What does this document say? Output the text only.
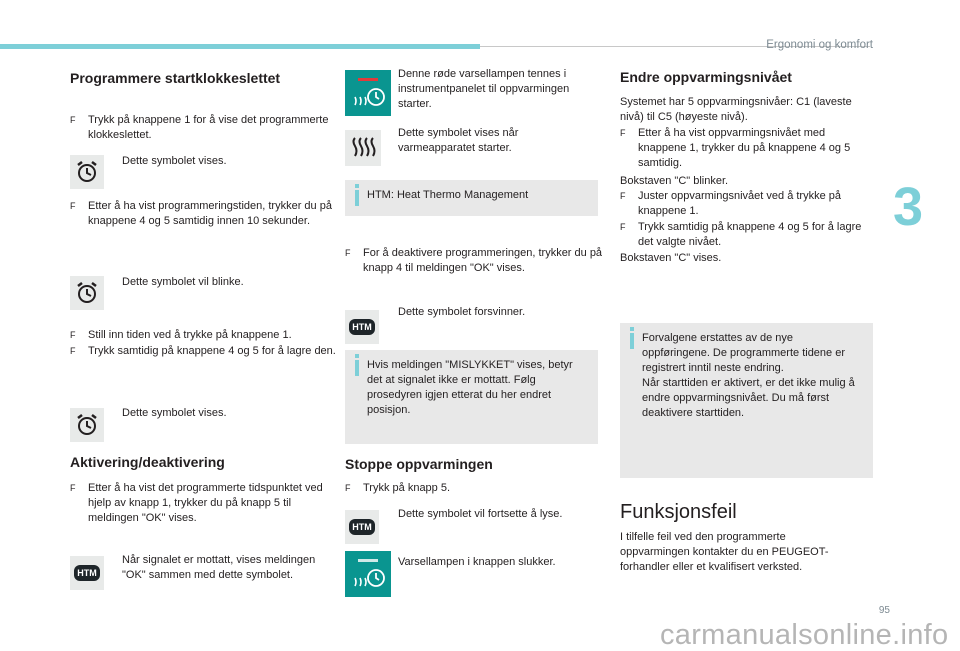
Ergonomi og komfort
3
95
Programmere startklokkeslettet
F Trykk på knappene 1 for å vise det programmerte klokkeslettet.
Dette symbolet vises.
F Etter å ha vist programmeringstiden, trykker du på knappene 4 og 5 samtidig innen 10 sekunder.
Dette symbolet vil blinke.
F Still inn tiden ved å trykke på knappene 1.
F Trykk samtidig på knappene 4 og 5 for å lagre den.
Dette symbolet vises.
Aktivering/deaktivering
F Etter å ha vist det programmerte tidspunktet ved hjelp av knapp 1, trykker du på knapp 5 til meldingen "OK" vises.
HTM
Når signalet er mottatt, vises meldingen "OK" sammen med dette symbolet.
Denne røde varsellampen tennes i instrumentpanelet til oppvarmingen starter.
Dette symbolet vises når varmeapparatet starter.
HTM: Heat Thermo Management
F For å deaktivere programmeringen, trykker du på knapp 4 til meldingen "OK" vises.
HTM
Dette symbolet forsvinner.
Hvis meldingen "MISLYKKET" vises, betyr det at signalet ikke er mottatt. Følg prosedyren igjen etterat du her endret posisjon.
Stoppe oppvarmingen
F Trykk på knapp 5.
HTM
Dette symbolet vil fortsette å lyse.
Varsellampen i knappen slukker.
Endre oppvarmingsnivået
Systemet har 5 oppvarmingsnivåer: C1 (laveste nivå) til C5 (høyeste nivå).
F Etter å ha vist oppvarmingsnivået med knappene 1, trykker du på knappene 4 og 5 samtidig.
Bokstaven "C" blinker.
F Juster oppvarmingsnivået ved å trykke på knappene 1.
F Trykk samtidig på knappene 4 og 5 for å lagre det valgte nivået.
Bokstaven "C" vises.
Forvalgene erstattes av de nye oppføringene. De programmerte tidene er registrert inntil neste endring.
Når starttiden er aktivert, er det ikke mulig å endre oppvarmingsnivået. Du må først deaktivere starttiden.
Funksjonsfeil
I tilfelle feil ved den programmerte oppvarmingen kontakter du en PEUGEOT-forhandler eller et kvalifisert verksted.
carmanualsonline.info
